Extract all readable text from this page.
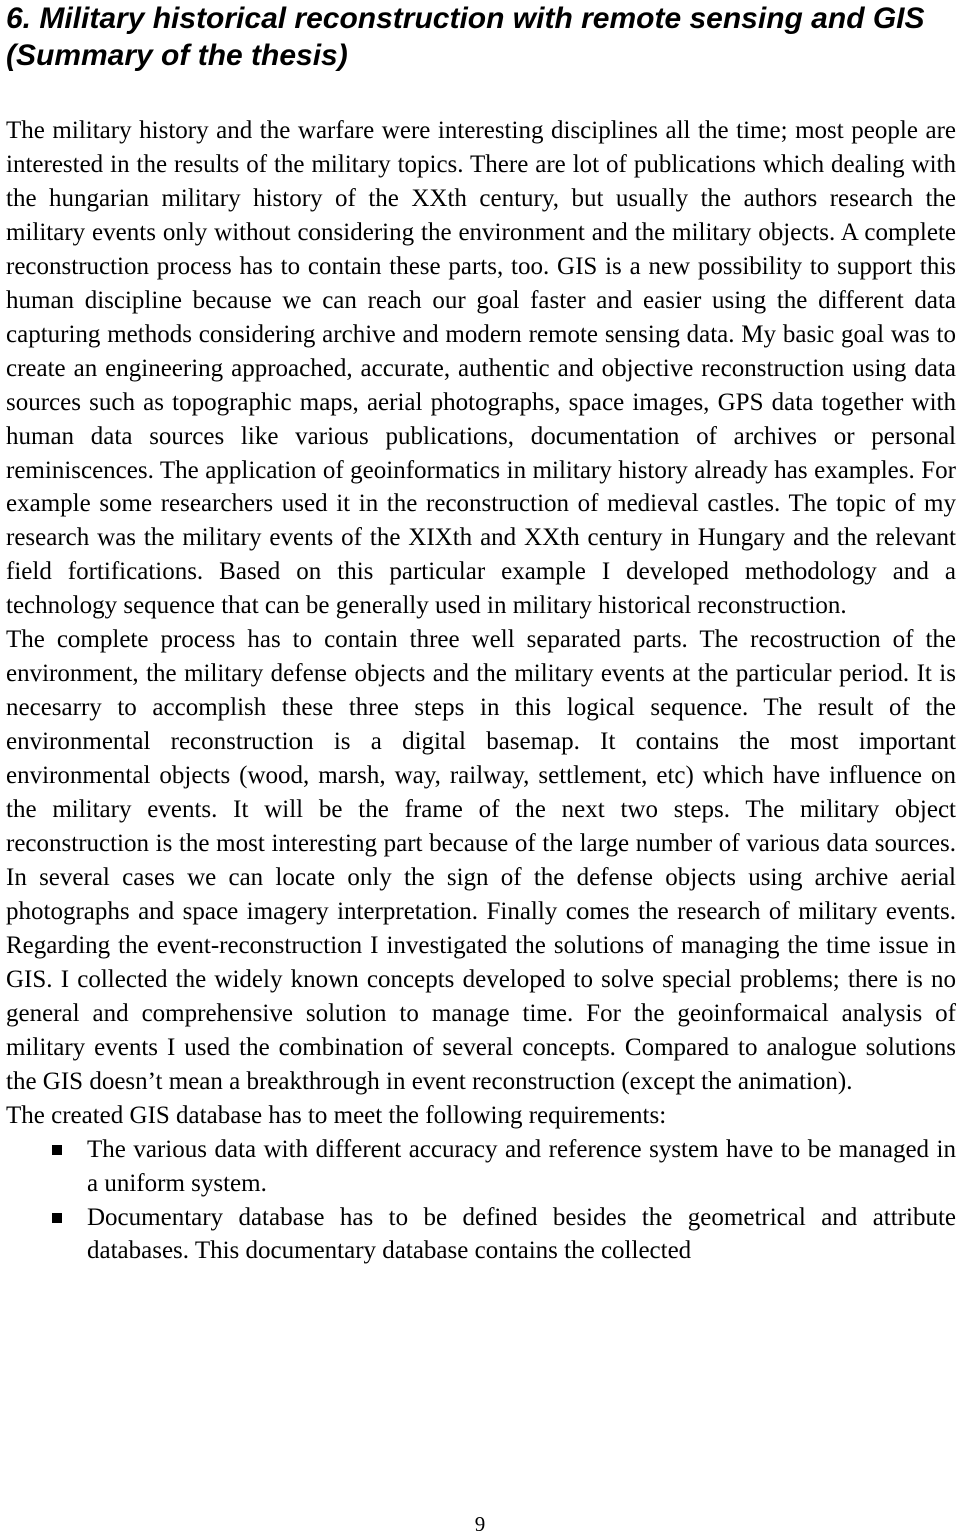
6. Military historical reconstruction with remote sensing and GIS (Summary of the thesis)

The military history and the warfare were interesting disciplines all the time; most people are interested in the results of the military topics. There are lot of publications which dealing with the hungarian military history of the XXth century, but usually the authors research the military events only without considering the environment and the military objects. A complete reconstruction process has to contain these parts, too. GIS is a new possibility to support this human discipline because we can reach our goal faster and easier using the different data capturing methods considering archive and modern remote sensing data. My basic goal was to create an engineering approached, accurate, authentic and objective reconstruction using data sources such as topographic maps, aerial photographs, space images, GPS data together with human data sources like various publications, documentation of archives or personal reminiscences. The application of geoinformatics in military history already has examples. For example some researchers used it in the reconstruction of medieval castles. The topic of my research was the military events of the XIXth and XXth century in Hungary and the relevant field fortifications. Based on this particular example I developed methodology and a technology sequence that can be generally used in military historical reconstruction.

The complete process has to contain three well separated parts. The recostruction of the environment, the military defense objects and the military events at the particular period. It is necesarry to accomplish these three steps in this logical sequence. The result of the environmental reconstruction is a digital basemap. It contains the most important environmental objects (wood, marsh, way, railway, settlement, etc) which have influence on the military events. It will be the frame of the next two steps. The military object reconstruction is the most interesting part because of the large number of various data sources. In several cases we can locate only the sign of the defense objects using archive aerial photographs and space imagery interpretation. Finally comes the research of military events. Regarding the event-reconstruction I investigated the solutions of managing the time issue in GIS. I collected the widely known concepts developed to solve special problems; there is no general and comprehensive solution to manage time. For the geoinformaical analysis of military events I used the combination of several concepts. Compared to analogue solutions the GIS doesn’t mean a breakthrough in event reconstruction (except the animation).

The created GIS database has to meet the following requirements:

The various data with different accuracy and reference system have to be managed in a uniform system.
Documentary database has to be defined besides the geometrical and attribute databases. This documentary database contains the collected
9
